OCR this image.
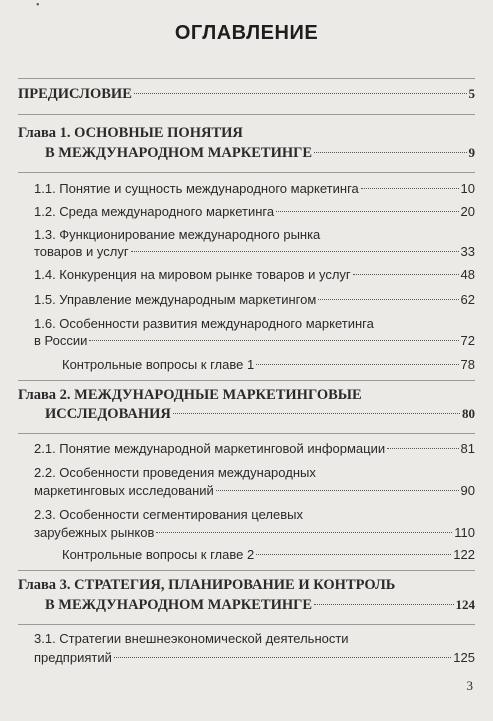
•
ОГЛАВЛЕНИЕ
ПРЕДИСЛОВИЕ	5
Глава 1. ОСНОВНЫЕ ПОНЯТИЯ
В МЕЖДУНАРОДНОМ МАРКЕТИНГЕ	9
1.1. Понятие и сущность международного маркетинга	10
1.2. Среда международного маркетинга	20
1.3. Функционирование международного рынка
товаров и услуг	33
1.4. Конкуренция на мировом рынке товаров и услуг	48
1.5. Управление международным маркетингом	62
1.6. Особенности развития международного маркетинга
в России	72
Контрольные вопросы к главе 1	78
Глава 2. МЕЖДУНАРОДНЫЕ МАРКЕТИНГОВЫЕ
ИССЛЕДОВАНИЯ	80
2.1. Понятие международной маркетинговой информации	81
2.2. Особенности проведения международных
маркетинговых исследований	90
2.3. Особенности сегментирования целевых
зарубежных рынков	110
Контрольные вопросы к главе 2	122
Глава 3. СТРАТЕГИЯ, ПЛАНИРОВАНИЕ И КОНТРОЛЬ
В МЕЖДУНАРОДНОМ МАРКЕТИНГЕ	124
3.1. Стратегии внешнеэкономической деятельности
предприятий	125
3
